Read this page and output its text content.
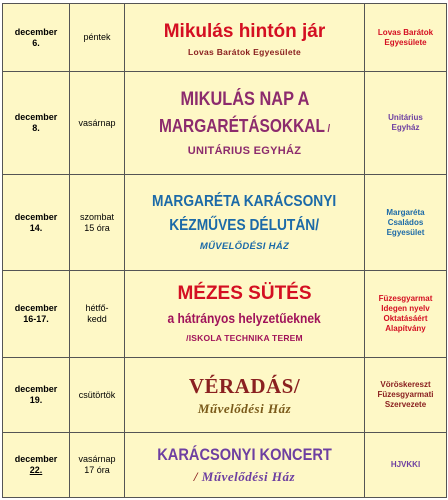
december
6.	péntek	Mikulás hintón jár
Lovas Barátok Egyesülete	Lovas Barátok
Egyesülete

december
8.	vasárnap	MIKULÁS NAP A
MARGARÉTÁSOKKAL /
UNITÁRIUS EGYHÁZ	Unitárius
Egyház

december
14.	szombat
15 óra	MARGARÉTA KARÁCSONYI
KÉZMŰVES DÉLUTÁN/
MŰVELŐDÉSI HÁZ	Margaréta
Családos
Egyesület

december
16-17.	hétfő-
kedd	MÉZES SÜTÉS
a hátrányos helyzetűeknek
/ISKOLA TECHNIKA TEREM	Füzesgyarmat
Idegen nyelv
Oktatásáért
Alapítvány

december
19.	csütörtök	VÉRADÁS/
Művelődési Ház	Vöröskereszt
Füzesgyarmati
Szervezete

december
22.	vasárnap
17 óra	KARÁCSONYI KONCERT
/ Művelődési Ház	HJVKKI
